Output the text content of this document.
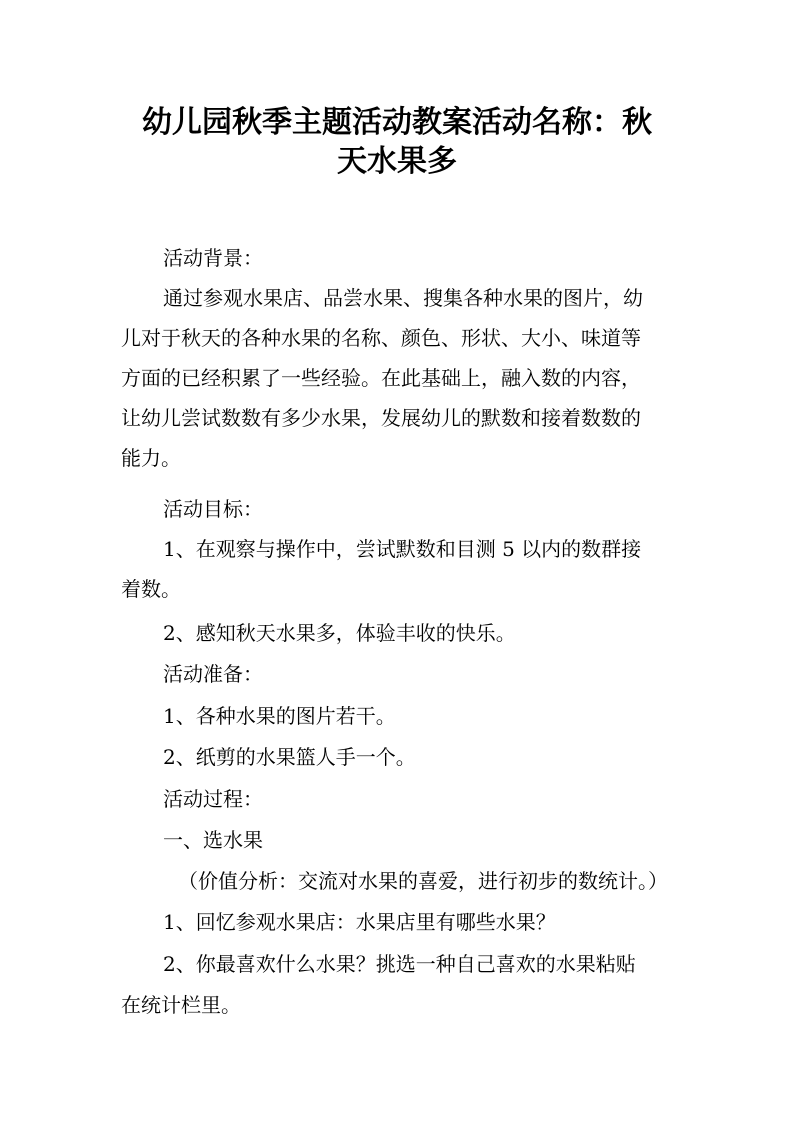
幼儿园秋季主题活动教案活动名称：秋
天水果多

活动背景：

通过参观水果店、品尝水果、搜集各种水果的图片，幼

儿对于秋天的各种水果的名称、颜色、形状、大小、味道等

方面的已经积累了一些经验。在此基础上，融入数的内容，

让幼儿尝试数数有多少水果，发展幼儿的默数和接着数数的

能力。

活动目标：

1、在观察与操作中，尝试默数和目测 5 以内的数群接

着数。

2、感知秋天水果多，体验丰收的快乐。

活动准备：

1、各种水果的图片若干。

2、纸剪的水果篮人手一个。

活动过程：

一、选水果

（价值分析：交流对水果的喜爱，进行初步的数统计。）

1、回忆参观水果店：水果店里有哪些水果？

2、你最喜欢什么水果？挑选一种自己喜欢的水果粘贴

在统计栏里。
